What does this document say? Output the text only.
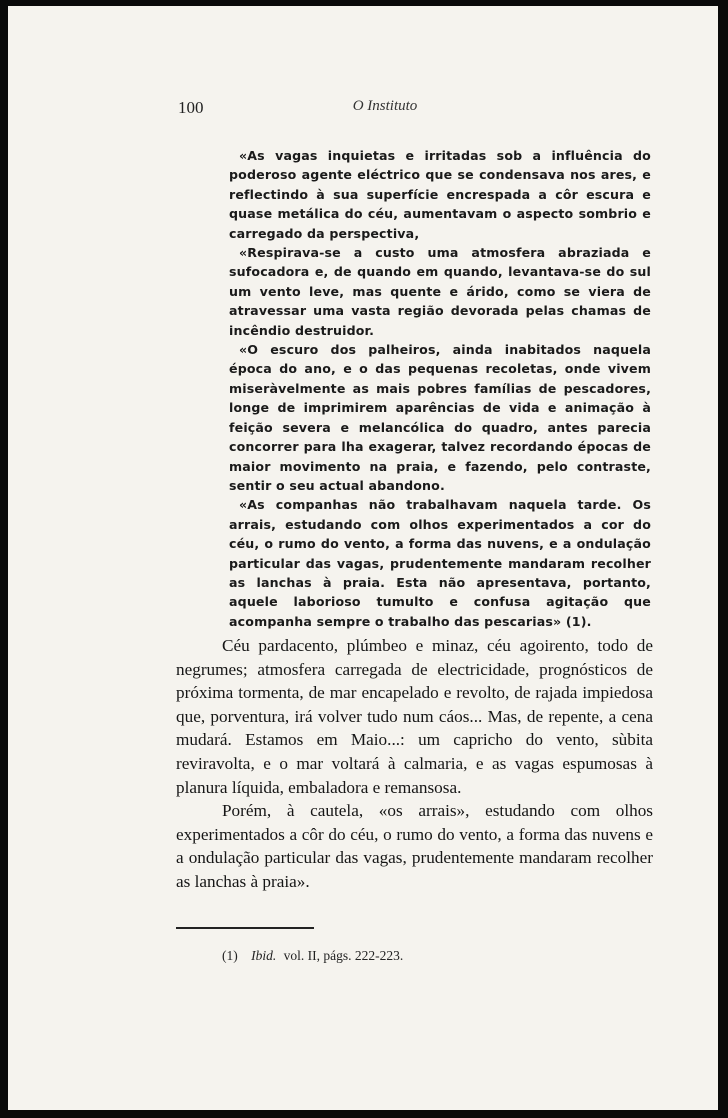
100	O Instituto

«As vagas inquietas e irritadas sob a influência do poderoso agente eléctrico que se condensava nos ares, e reflectindo à sua superfície encrespada a côr escura e quase metálica do céu, aumentavam o aspecto sombrio e carregado da perspectiva,

«Respirava-se a custo uma atmosfera abraziada e sufocadora e, de quando em quando, levantava-se do sul um vento leve, mas quente e árido, como se viera de atravessar uma vasta região devorada pelas chamas de incêndio destruidor.

«O escuro dos palheiros, ainda inabitados naquela época do ano, e o das pequenas recoletas, onde vivem miseràvelmente as mais pobres famílias de pescadores, longe de imprimirem aparências de vida e animação à feição severa e melancólica do quadro, antes parecia concorrer para lha exagerar, talvez recordando épocas de maior movimento na praia, e fazendo, pelo contraste, sentir o seu actual abandono.

«As companhas não trabalhavam naquela tarde. Os arrais, estudando com olhos experimentados a cor do céu, o rumo do vento, a forma das nuvens, e a ondulação particular das vagas, prudentemente mandaram recolher as lanchas à praia. Esta não apresentava, portanto, aquele laborioso tumulto e confusa agitação que acompanha sempre o trabalho das pescarias» (1).

Céu pardacento, plúmbeo e minaz, céu agoirento, todo de negrumes; atmosfera carregada de electricidade, prognósticos de próxima tormenta, de mar encapelado e revolto, de rajada impiedosa que, porventura, irá volver tudo num cáos... Mas, de repente, a cena mudará. Estamos em Maio...: um capricho do vento, sùbita reviravolta, e o mar voltará à calmaria, e as vagas espumosas à planura líquida, embaladora e remansosa.

Porém, à cautela, «os arrais», estudando com olhos experimentados a côr do céu, o rumo do vento, a forma das nuvens e a ondulação particular das vagas, prudentemente mandaram recolher as lanchas à praia».

(1) Ibid. vol. II, págs. 222-223.
